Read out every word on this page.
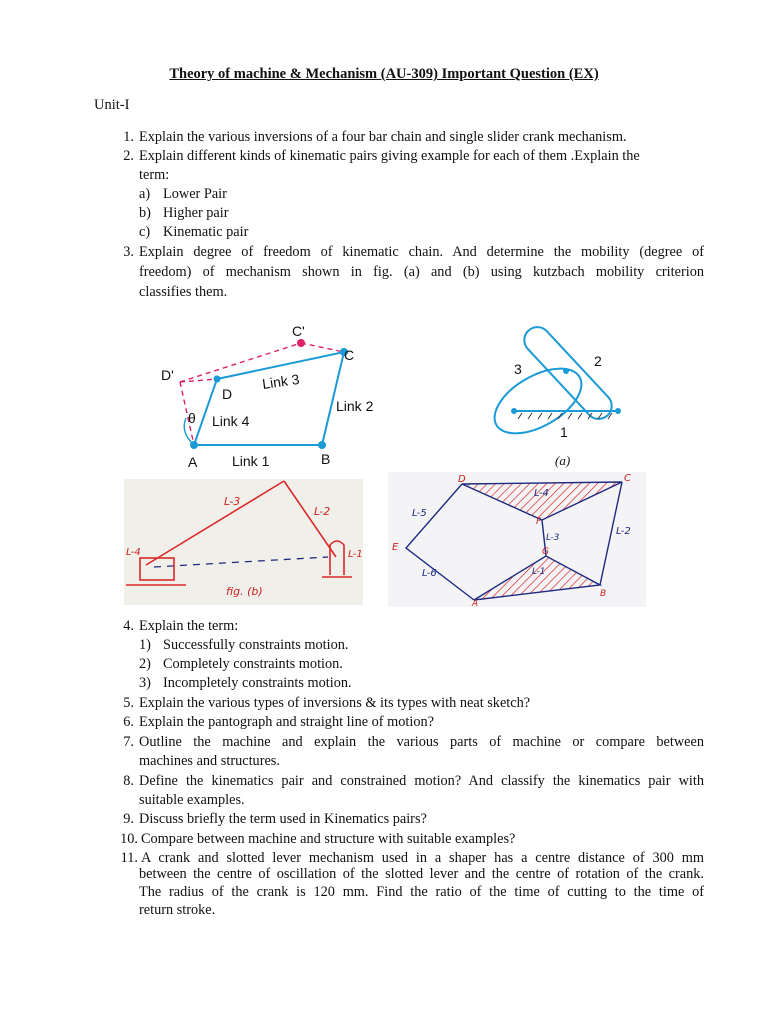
Theory of machine & Mechanism (AU-309) Important Question (EX)
Unit-I
1. Explain the various inversions of a four bar chain and single slider crank mechanism.
2. Explain different kinds of kinematic pairs giving example for each of them .Explain the
term:
a) Lower Pair
b) Higher pair
c) Kinematic pair
3. Explain degree of freedom of kinematic chain. And determine the mobility (degree of
freedom) of mechanism shown in fig. (a) and (b) using kutzbach mobility criterion
classifies them.
C'
C
D'
D
θ
A	B
Link 1
Link 2
Link 3
Link 4
3	2
1
(a)
L-3
L-2
L-4	L-1
fig. (b)
D	C
E
F
G
A
B
L-4
L-5
L-3
L-2
L-6	L-1
4. Explain the term:
1) Successfully constraints motion.
2) Completely constraints motion.
3) Incompletely constraints motion.
5. Explain the various types of inversions & its types with neat sketch?
6. Explain the pantograph and straight line of motion?
7. Outline the machine and explain the various parts of machine or compare between
machines and structures.
8. Define the kinematics pair and constrained motion? And classify the kinematics pair with
suitable examples.
9. Discuss briefly the term used in Kinematics pairs?
10. Compare between machine and structure with suitable examples?
11. A crank and slotted lever mechanism used in a shaper has a centre distance of 300 mm
between the centre of oscillation of the slotted lever and the centre of rotation of the crank.
The radius of the crank is 120 mm. Find the ratio of the time of cutting to the time of
return stroke.
